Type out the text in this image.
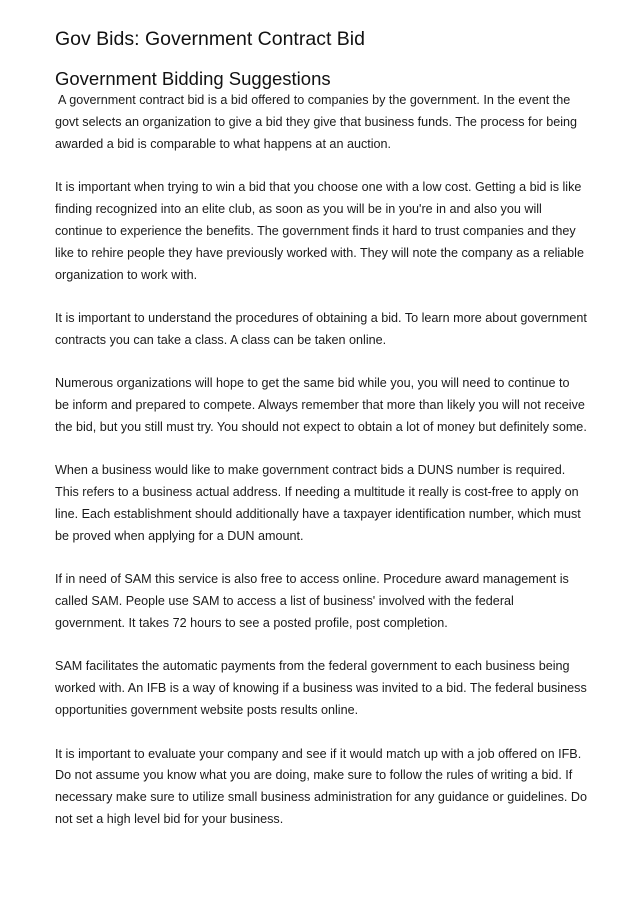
Gov Bids: Government Contract Bid
Government Bidding Suggestions

A government contract bid is a bid offered to companies by the government. In the event the govt selects an organization to give a bid they give that business funds. The process for being awarded a bid is comparable to what happens at an auction.

It is important when trying to win a bid that you choose one with a low cost. Getting a bid is like finding recognized into an elite club, as soon as you will be in you're in and also you will continue to experience the benefits. The government finds it hard to trust companies and they like to rehire people they have previously worked with. They will note the company as a reliable organization to work with.

It is important to understand the procedures of obtaining a bid. To learn more about government contracts you can take a class. A class can be taken online.

Numerous organizations will hope to get the same bid while you, you will need to continue to be inform and prepared to compete. Always remember that more than likely you will not receive the bid, but you still must try. You should not expect to obtain a lot of money but definitely some.

When a business would like to make government contract bids a DUNS number is required. This refers to a business actual address. If needing a multitude it really is cost-free to apply on line. Each establishment should additionally have a taxpayer identification number, which must be proved when applying for a DUN amount.

If in need of SAM this service is also free to access online. Procedure award management is called SAM. People use SAM to access a list of business' involved with the federal government. It takes 72 hours to see a posted profile, post completion.

SAM facilitates the automatic payments from the federal government to each business being worked with. An IFB is a way of knowing if a business was invited to a bid. The federal business opportunities government website posts results online.

It is important to evaluate your company and see if it would match up with a job offered on IFB. Do not assume you know what you are doing, make sure to follow the rules of writing a bid. If necessary make sure to utilize small business administration for any guidance or guidelines. Do not set a high level bid for your business.
